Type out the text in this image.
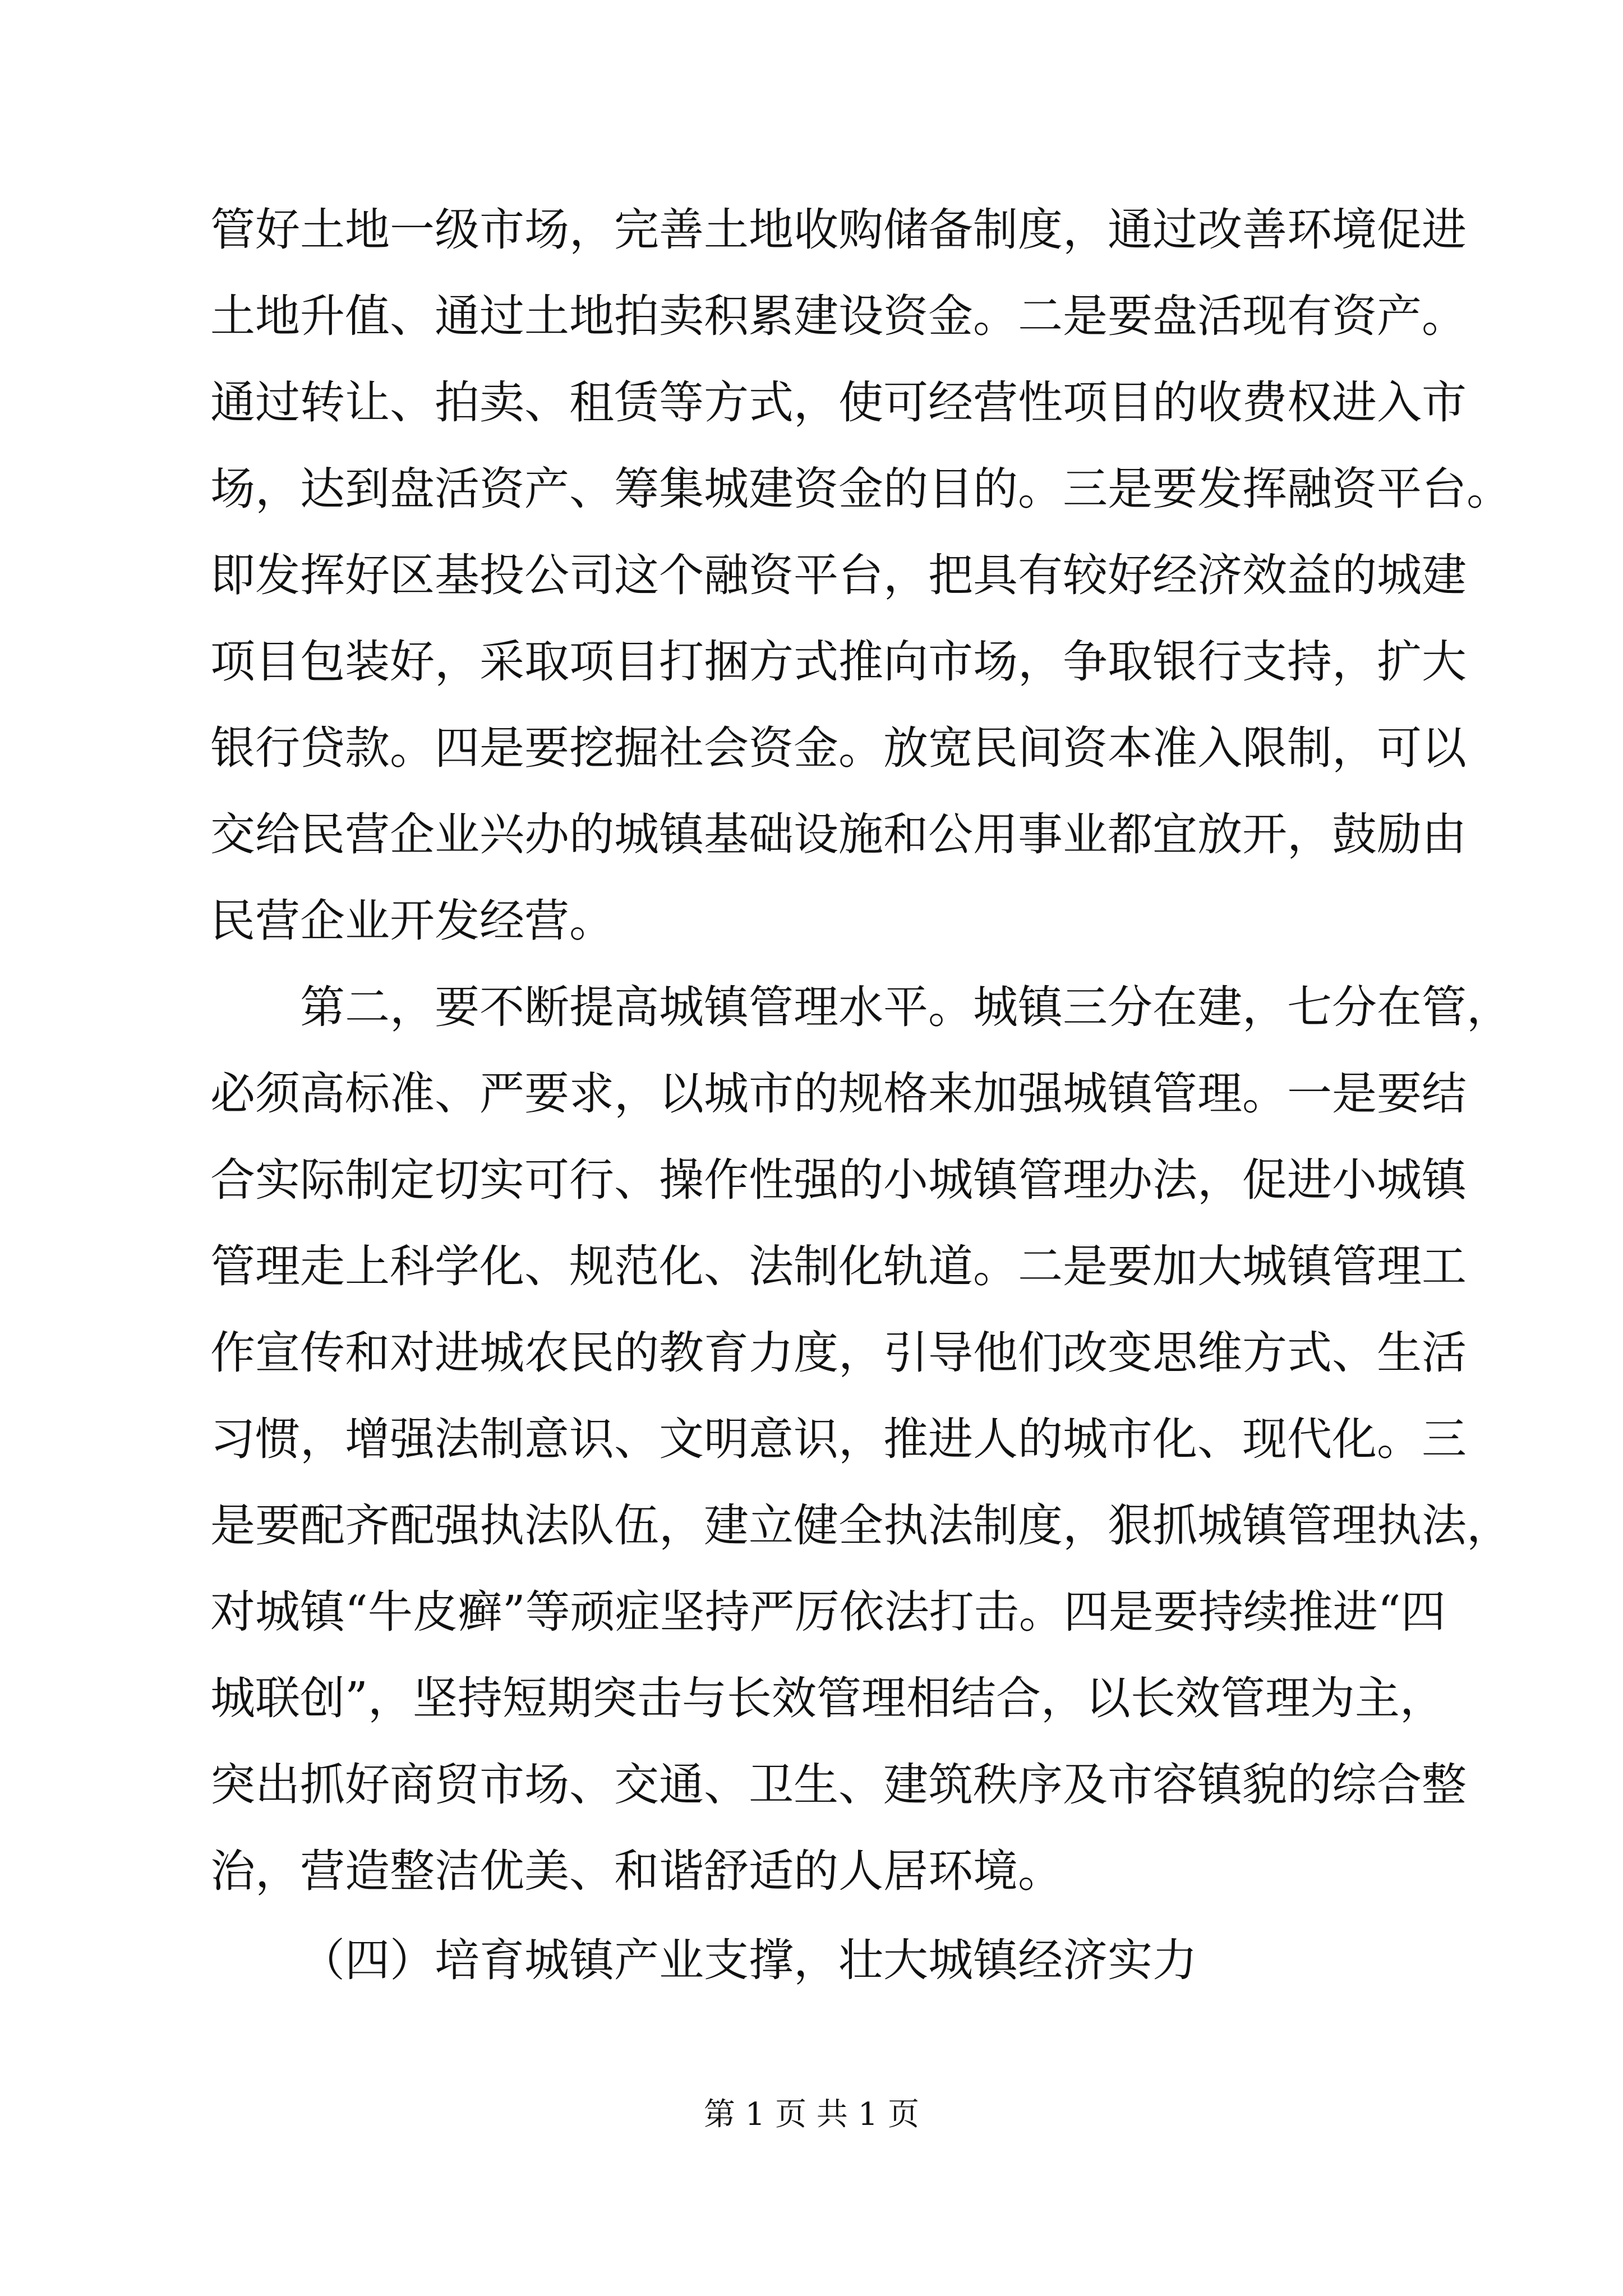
管好土地一级市场，完善土地收购储备制度，通过改善环境促进
土地升值、通过土地拍卖积累建设资金。二是要盘活现有资产。
通过转让、拍卖、租赁等方式，使可经营性项目的收费权进入市
场，达到盘活资产、筹集城建资金的目的。三是要发挥融资平台。
即发挥好区基投公司这个融资平台，把具有较好经济效益的城建
项目包装好，采取项目打捆方式推向市场，争取银行支持，扩大
银行贷款。四是要挖掘社会资金。放宽民间资本准入限制，可以
交给民营企业兴办的城镇基础设施和公用事业都宜放开，鼓励由
民营企业开发经营。
第二，要不断提高城镇管理水平。城镇三分在建，七分在管，
必须高标准、严要求，以城市的规格来加强城镇管理。一是要结
合实际制定切实可行、操作性强的小城镇管理办法，促进小城镇
管理走上科学化、规范化、法制化轨道。二是要加大城镇管理工
作宣传和对进城农民的教育力度，引导他们改变思维方式、生活
习惯，增强法制意识、文明意识，推进人的城市化、现代化。三
是要配齐配强执法队伍，建立健全执法制度，狠抓城镇管理执法，
对城镇“牛皮癣”等顽症坚持严厉依法打击。四是要持续推进“四
城联创”，坚持短期突击与长效管理相结合，以长效管理为主，
突出抓好商贸市场、交通、卫生、建筑秩序及市容镇貌的综合整
治，营造整洁优美、和谐舒适的人居环境。
（四）培育城镇产业支撑，壮大城镇经济实力
第 1 页 共 1 页
